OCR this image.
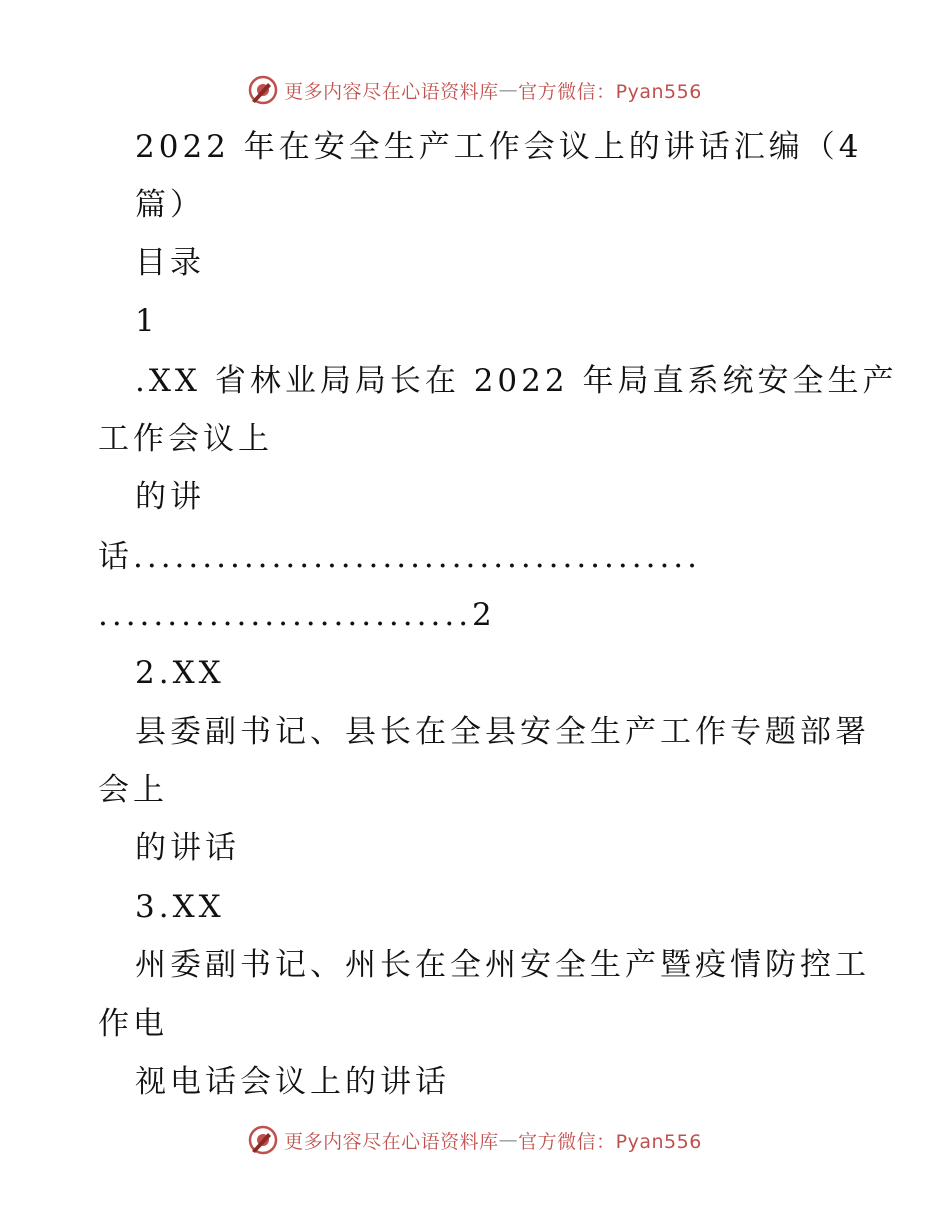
更多内容尽在心语资料库 — 官方微信：Pyan556
2022 年在安全生产工作会议上的讲话汇编（4
篇）
目录
1
.XX 省林业局局长在 2022 年局直系统安全生产
工作会议上
的讲
话.........................................
...........................2
2.XX
县委副书记、县长在全县安全生产工作专题部署
会上
的讲话
3.XX
州委副书记、州长在全州安全生产暨疫情防控工
作电
视电话会议上的讲话
更多内容尽在心语资料库 — 官方微信：Pyan556
